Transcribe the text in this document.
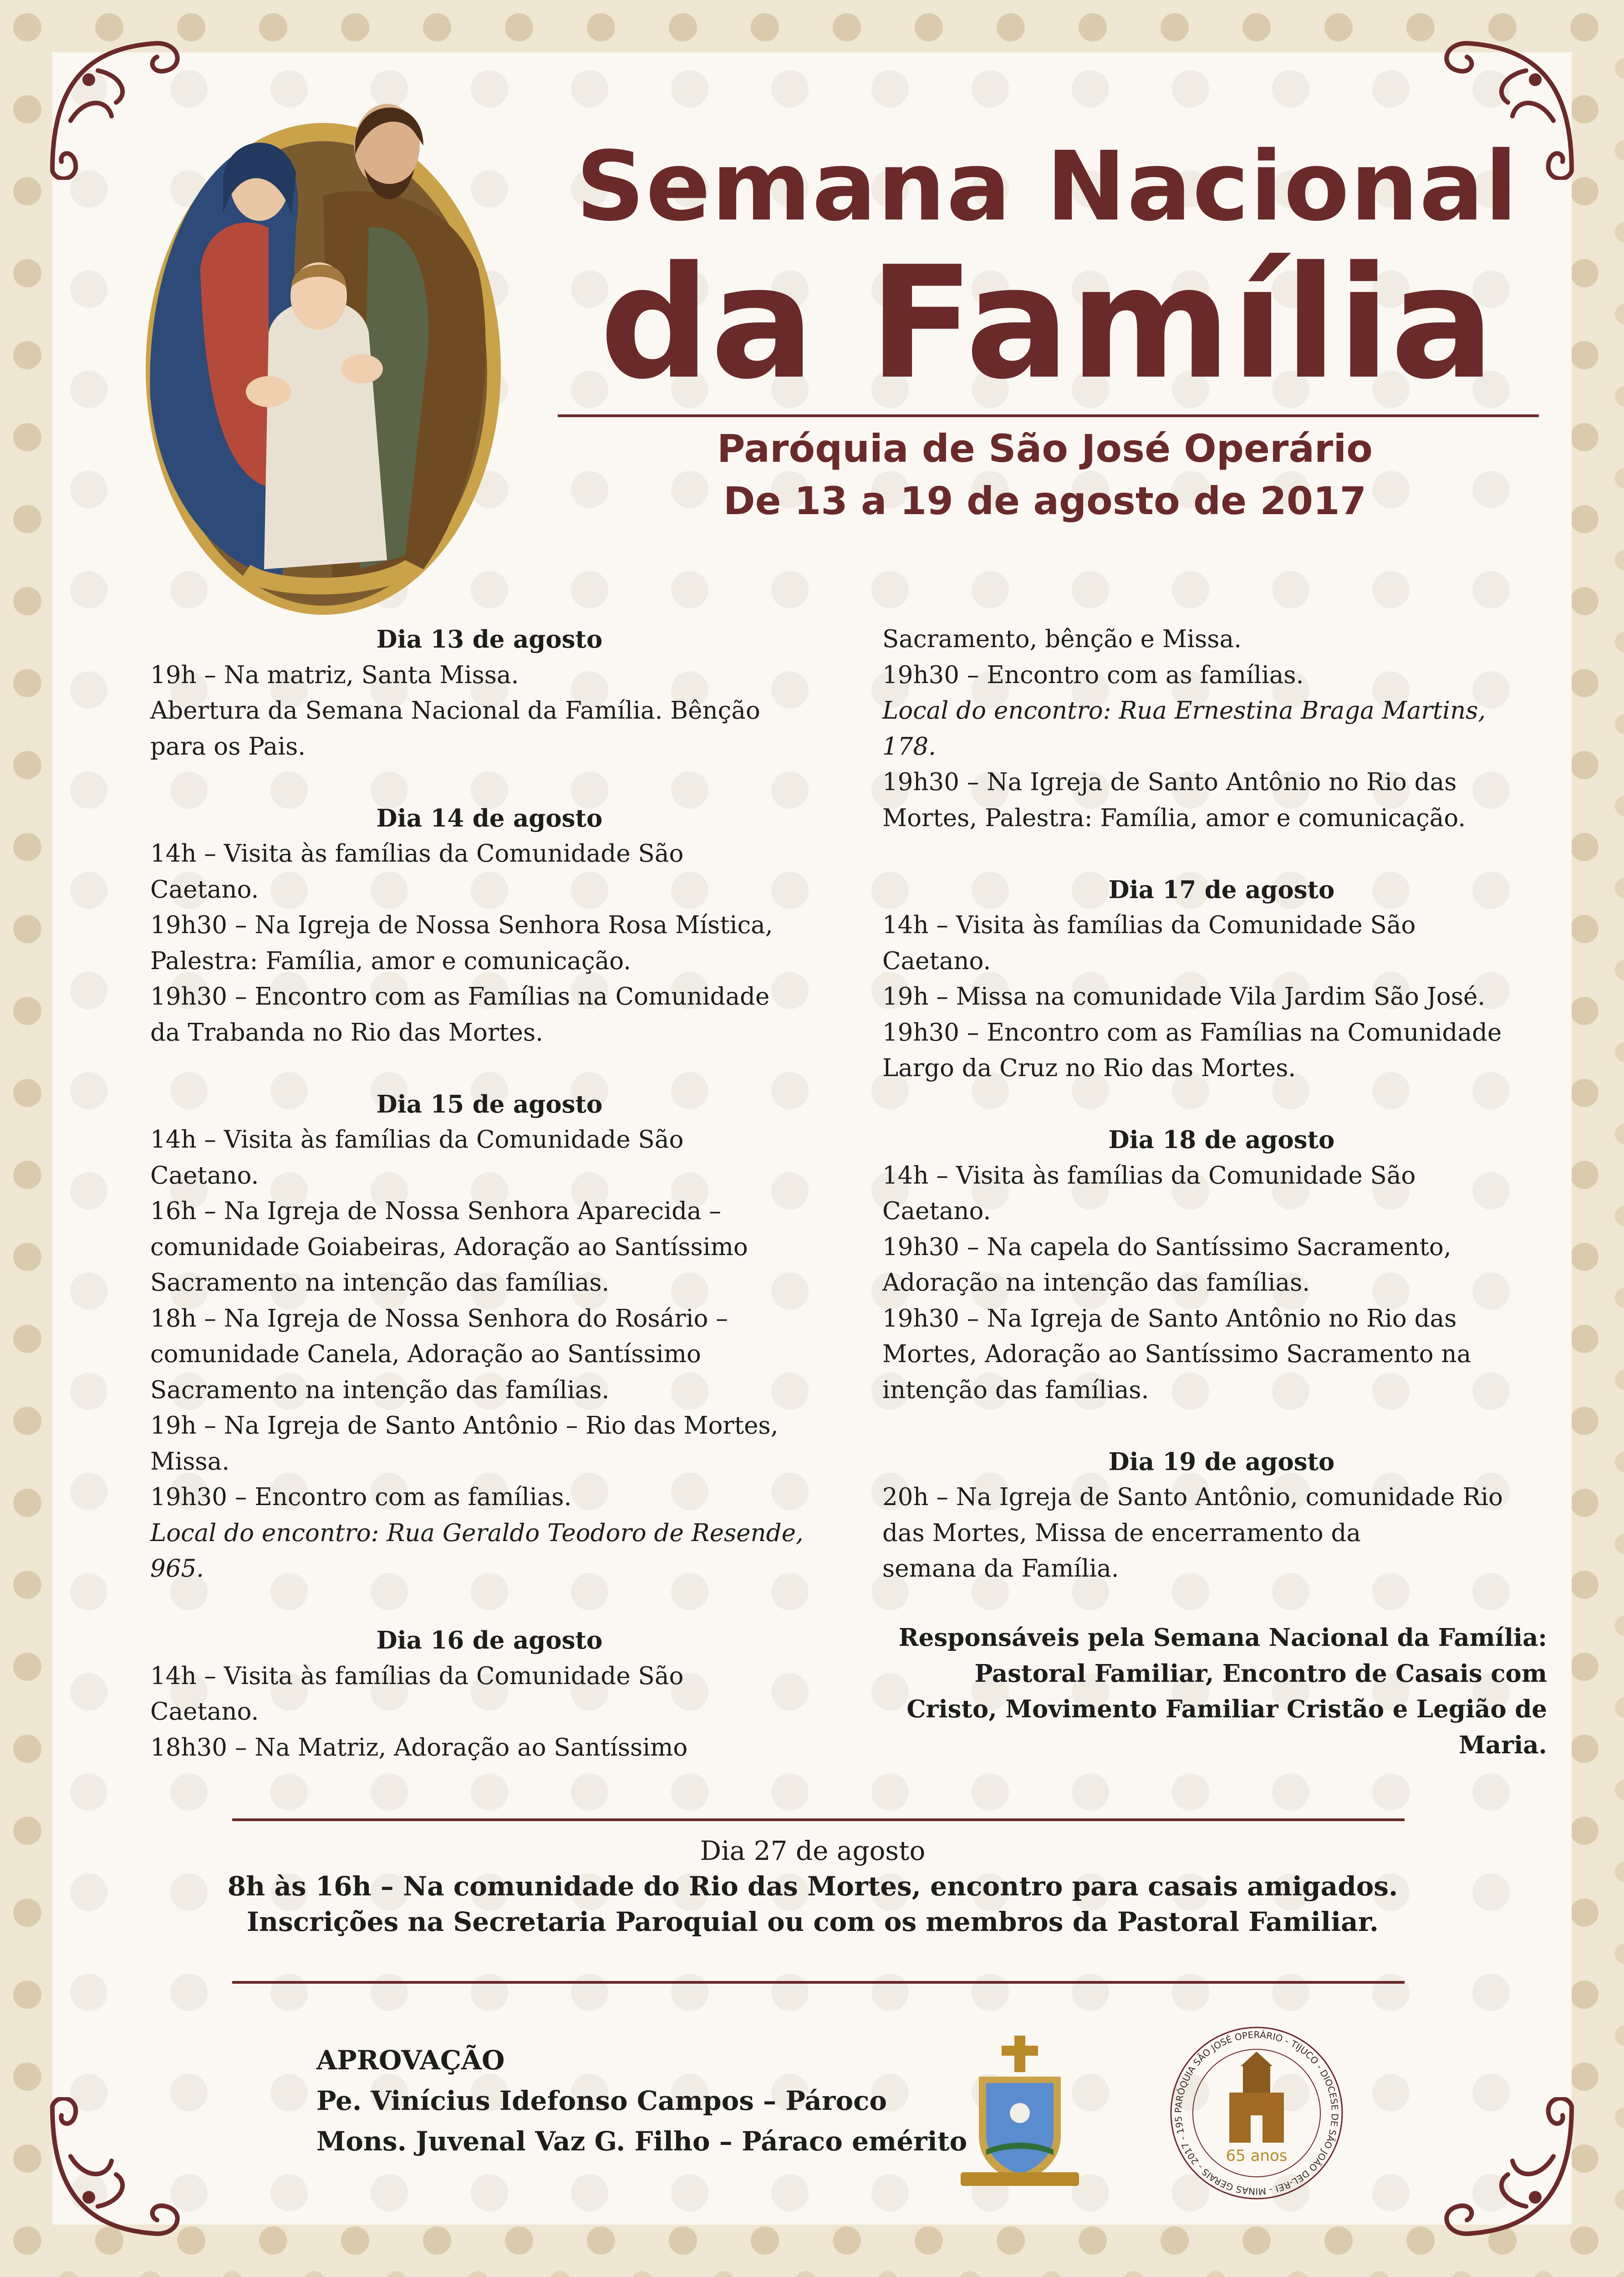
Semana Nacional
da Família
Paróquia de São José Operário
De 13 a 19 de agosto de 2017
Dia 13 de agosto
19h – Na matriz, Santa Missa.
Abertura da Semana Nacional da Família. Bênção
para os Pais.
Dia 14 de agosto
14h – Visita às famílias da Comunidade São
Caetano.
19h30 – Na Igreja de Nossa Senhora Rosa Mística,
Palestra: Família, amor e comunicação.
19h30 – Encontro com as Famílias na Comunidade
da Trabanda no Rio das Mortes.
Dia 15 de agosto
14h – Visita às famílias da Comunidade São
Caetano.
16h – Na Igreja de Nossa Senhora Aparecida –
comunidade Goiabeiras, Adoração ao Santíssimo
Sacramento na intenção das famílias.
18h – Na Igreja de Nossa Senhora do Rosário –
comunidade Canela, Adoração ao Santíssimo
Sacramento na intenção das famílias.
19h – Na Igreja de Santo Antônio – Rio das Mortes,
Missa.
19h30 – Encontro com as famílias.
Local do encontro: Rua Geraldo Teodoro de Resende,
965.
Dia 16 de agosto
14h – Visita às famílias da Comunidade São
Caetano.
18h30 – Na Matriz, Adoração ao Santíssimo
Sacramento, bênção e Missa.
19h30 – Encontro com as famílias.
Local do encontro: Rua Ernestina Braga Martins,
178.
19h30 – Na Igreja de Santo Antônio no Rio das
Mortes, Palestra: Família, amor e comunicação.
Dia 17 de agosto
14h – Visita às famílias da Comunidade São
Caetano.
19h – Missa na comunidade Vila Jardim São José.
19h30 – Encontro com as Famílias na Comunidade
Largo da Cruz no Rio das Mortes.
Dia 18 de agosto
14h – Visita às famílias da Comunidade São
Caetano.
19h30 – Na capela do Santíssimo Sacramento,
Adoração na intenção das famílias.
19h30 – Na Igreja de Santo Antônio no Rio das
Mortes, Adoração ao Santíssimo Sacramento na
intenção das famílias.
Dia 19 de agosto
20h – Na Igreja de Santo Antônio, comunidade Rio
das Mortes, Missa de encerramento da
semana da Família.
Responsáveis pela Semana Nacional da Família:
Pastoral Familiar, Encontro de Casais com
Cristo, Movimento Familiar Cristão e Legião de
Maria.
Dia 27 de agosto
8h às 16h – Na comunidade do Rio das Mortes, encontro para casais amigados.
Inscrições na Secretaria Paroquial ou com os membros da Pastoral Familiar.
APROVAÇÃO
Pe. Vinícius Idefonso Campos – Pároco
Mons. Juvenal Vaz G. Filho – Páraco emérito
PARÓQUIA SÃO JOSÉ OPERÁRIO - TIJUCO - DIOCESE DE SÃO JOÃO DEL-REI - MINAS GERAIS - 2017 - 195
65 anos
